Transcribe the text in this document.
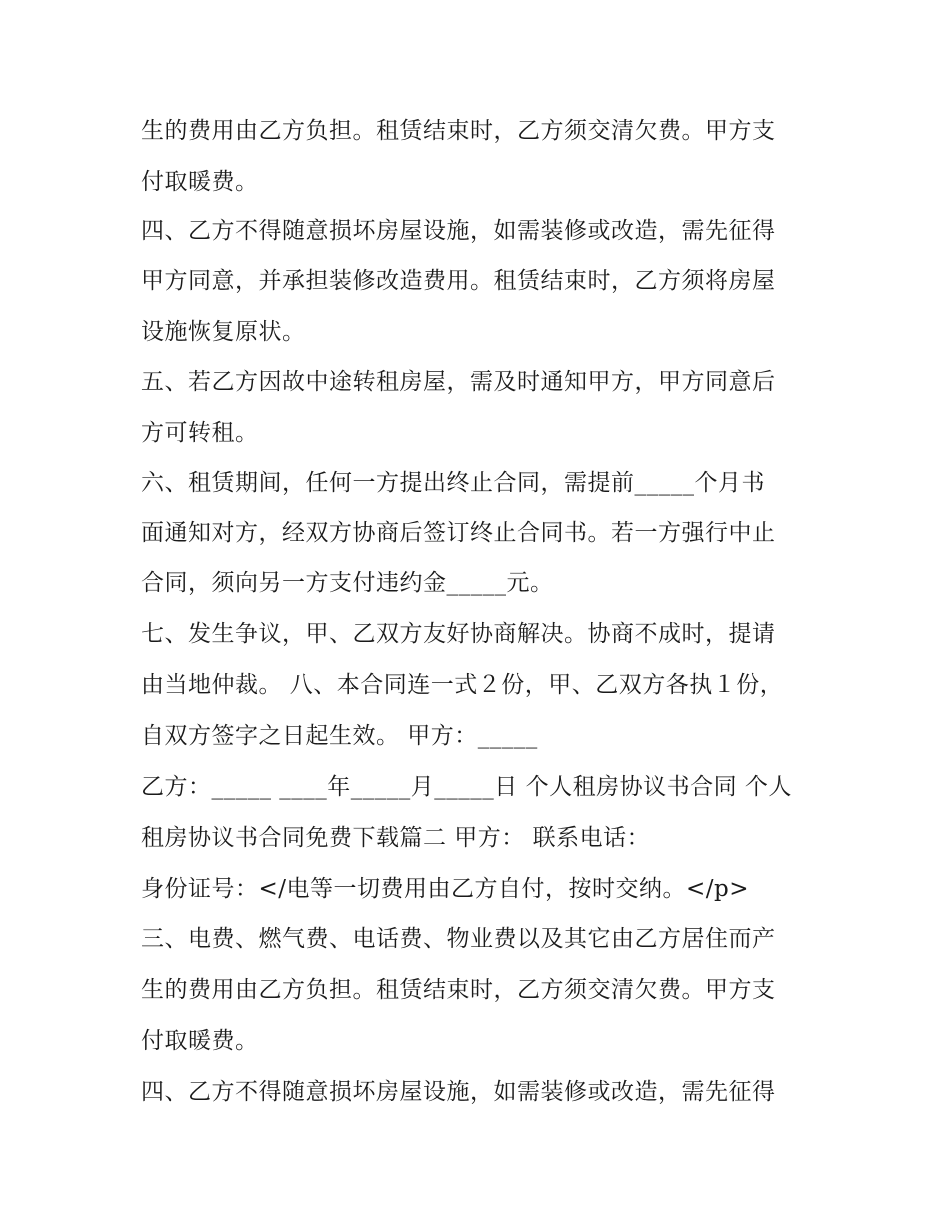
生的费用由乙方负担。租赁结束时，乙方须交清欠费。甲方支
付取暖费。
四、乙方不得随意损坏房屋设施，如需装修或改造，需先征得
甲方同意，并承担装修改造费用。租赁结束时，乙方须将房屋
设施恢复原状。
五、若乙方因故中途转租房屋，需及时通知甲方，甲方同意后
方可转租。
六、租赁期间，任何一方提出终止合同，需提前_____个月书
面通知对方，经双方协商后签订终止合同书。若一方强行中止
合同，须向另一方支付违约金_____元。
七、发生争议，甲、乙双方友好协商解决。协商不成时，提请
由当地仲裁。 八、本合同连一式２份，甲、乙双方各执１份，
自双方签字之日起生效。 甲方：_____
乙方：_____ ____年_____月_____日 个人租房协议书合同 个人
租房协议书合同免费下载篇二 甲方： 联系电话：
身份证号：</电等一切费用由乙方自付，按时交纳。</p>
三、电费、燃气费、电话费、物业费以及其它由乙方居住而产
生的费用由乙方负担。租赁结束时，乙方须交清欠费。甲方支
付取暖费。
四、乙方不得随意损坏房屋设施，如需装修或改造，需先征得
